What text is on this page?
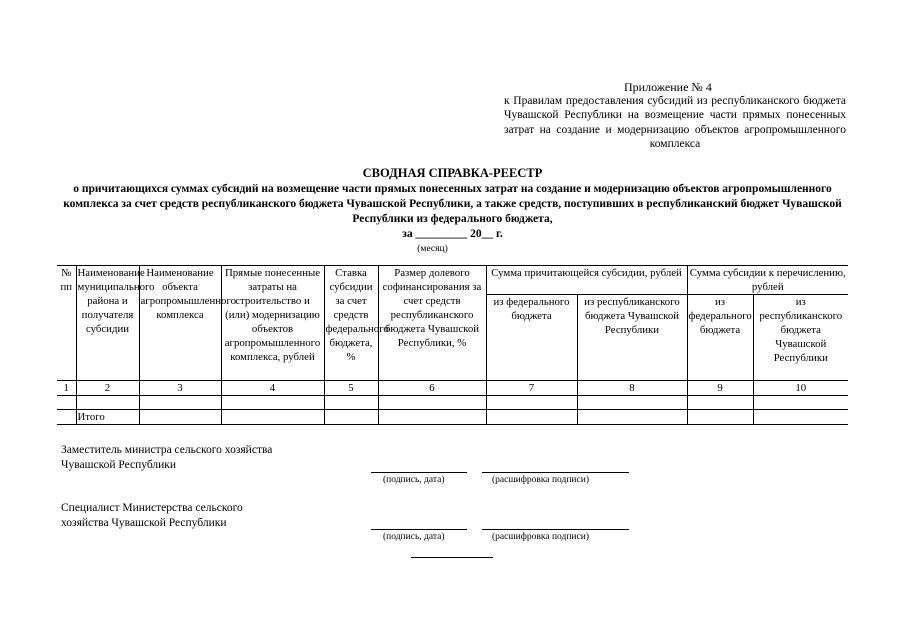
Приложение № 4
к Правилам предоставления субсидий из республиканского бюджета Чувашской Республики на возмещение части прямых понесенных затрат на создание и модернизацию объектов агропромышленного комплекса
СВОДНАЯ СПРАВКА-РЕЕСТР
о причитающихся суммах субсидий на возмещение части прямых понесенных затрат на создание и модернизацию объектов агропромышленного комплекса за счет средств республиканского бюджета Чувашской Республики, а также средств, поступивших в республиканский бюджет Чувашской Республики из федерального бюджета,
за _________ 20__ г.
(месяц)
№ пп	Наименование муниципального района и получателя субсидии	Наименование объекта агропромышленного комплекса	Прямые понесенные затраты на строительство и (или) модернизацию объектов агропромышленного комплекса, рублей	Ставка субсидии за счет средств федерального бюджета, %	Размер долевого софинансирования за счет средств республиканского бюджета Чувашской Республики, %	Сумма причитающейся субсидии, рублей		Сумма субсидии к перечислению, рублей	
						из федерального бюджета	из республиканского бюджета Чувашской Республики	из федерального бюджета	из республиканского бюджета Чувашской Республики
1	2	3	4	5	6	7	8	9	10

	Итого								
Заместитель министра сельского хозяйства Чувашской Республики
(подпись, дата)	(расшифровка подписи)
Специалист Министерства сельского хозяйства Чувашской Республики
(подпись, дата)	(расшифровка подписи)
